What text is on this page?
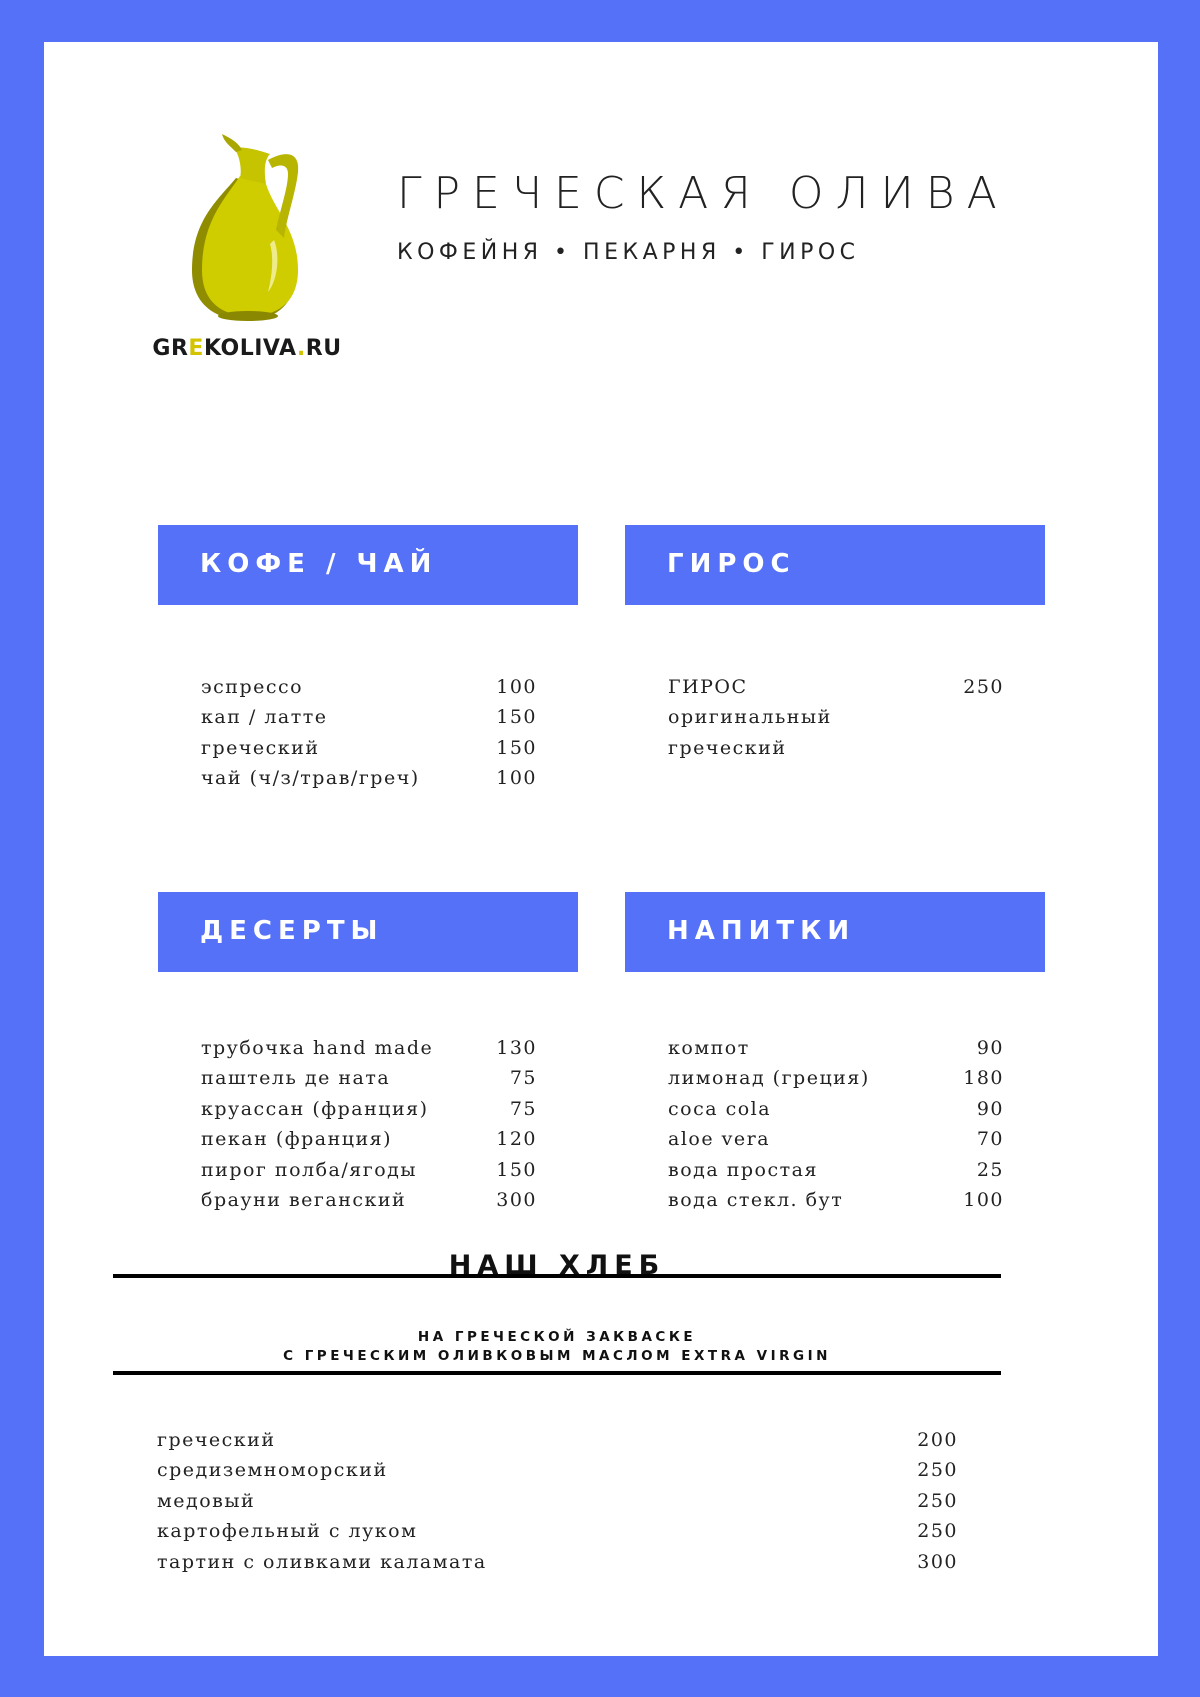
GREKOLIVA.RU
ГРЕЧЕСКАЯ ОЛИВА
КОФЕЙНЯ • ПЕКАРНЯ • ГИРОС
КОФЕ / ЧАЙ	ГИРОС
ДЕСЕРТЫ	НАПИТКИ
эспрессо	100
кап / латте	150
греческий	150
чай (ч/з/трав/греч)	100
ГИРОС	250
оригинальный
греческий
трубочка hand made	130
паштель де ната	75
круассан (франция)	75
пекан (франция)	120
пирог полба/ягоды	150
брауни веганский	300
компот	90
лимонад (греция)	180
coca cola	90
aloe vera	70
вода простая	25
вода стекл. бут	100
НАШ ХЛЕБ
НА ГРЕЧЕСКОЙ ЗАКВАСКЕ
С ГРЕЧЕСКИМ ОЛИВКОВЫМ МАСЛОМ EXTRA VIRGIN
греческий	200
средиземноморский	250
медовый	250
картофельный с луком	250
тартин с оливками каламата	300
